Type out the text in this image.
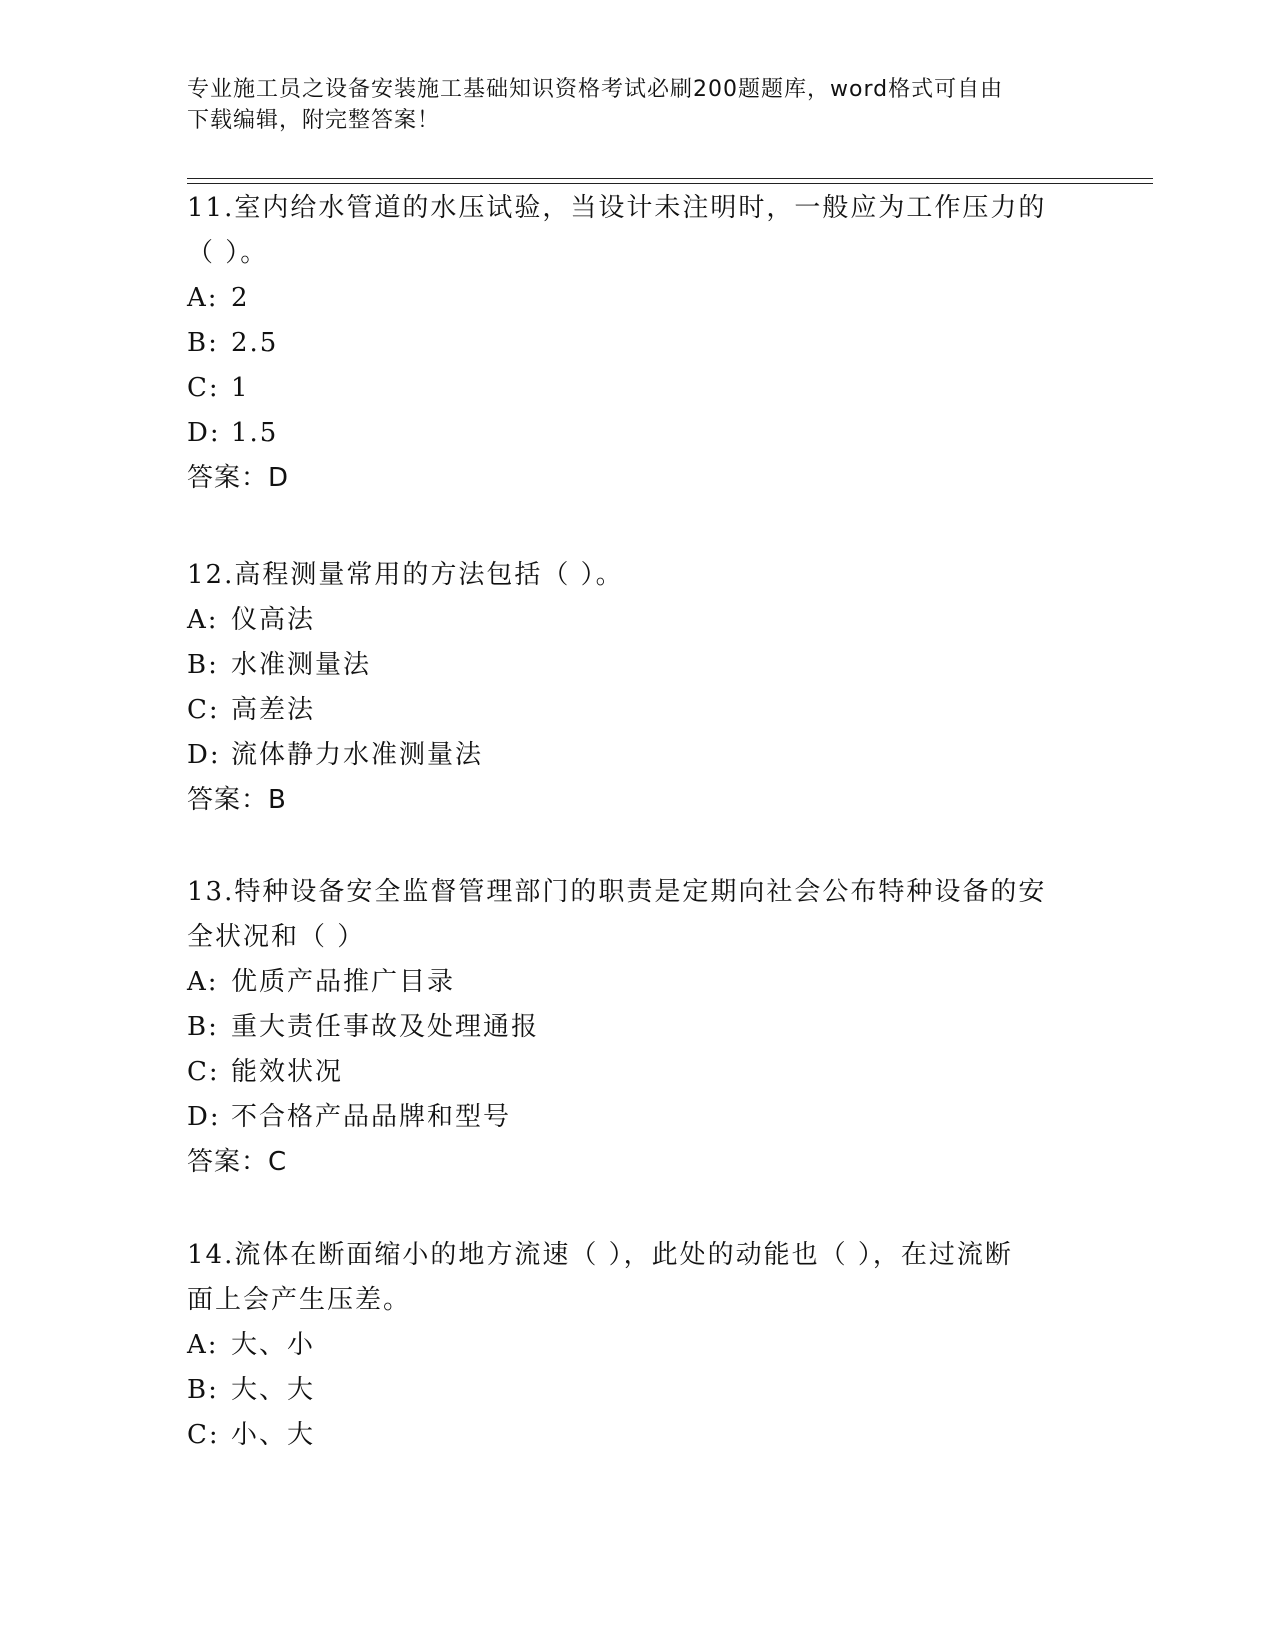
专业施工员之设备安装施工基础知识资格考试必刷200题题库，word格式可自由
下载编辑，附完整答案！
11.室内给水管道的水压试验，当设计未注明时，一般应为工作压力的
（ ）。
A: 2
B: 2.5
C: 1
D: 1.5
答案：D
12.高程测量常用的方法包括（ ）。
A: 仪高法
B: 水准测量法
C: 高差法
D: 流体静力水准测量法
答案：B
13.特种设备安全监督管理部门的职责是定期向社会公布特种设备的安
全状况和（ ）
A: 优质产品推广目录
B: 重大责任事故及处理通报
C: 能效状况
D: 不合格产品品牌和型号
答案：C
14.流体在断面缩小的地方流速（ ），此处的动能也（ ），在过流断
面上会产生压差。
A: 大、小
B: 大、大
C: 小、大
